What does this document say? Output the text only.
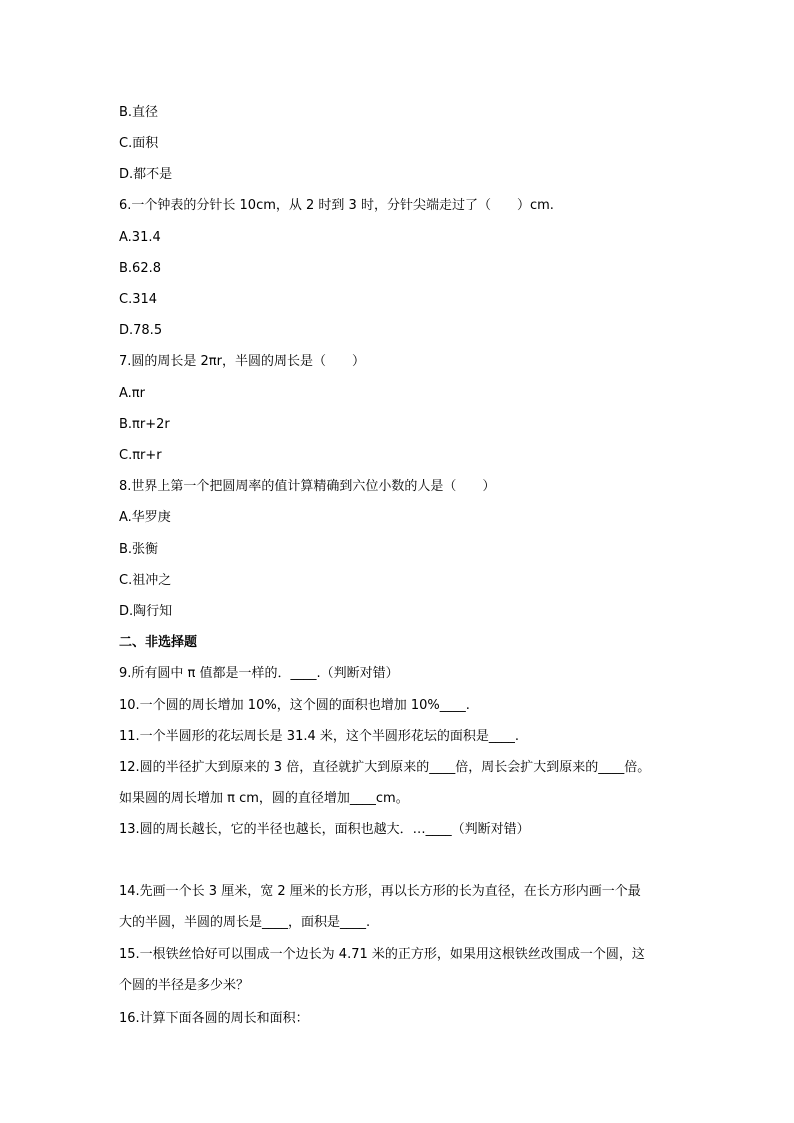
B.直径
C.面积
D.都不是
6.一个钟表的分针长 10cm，从 2 时到 3 时，分针尖端走过了（　　）cm.
A.31.4
B.62.8
C.314
D.78.5
7.圆的周长是 2πr，半圆的周长是（　　）
A.πr
B.πr+2r
C.πr+r
8.世界上第一个把圆周率的值计算精确到六位小数的人是（　　）
A.华罗庚
B.张衡
C.祖冲之
D.陶行知
二、非选择题
9.所有圆中 π 值都是一样的．____.（判断对错）
10.一个圆的周长增加 10%，这个圆的面积也增加 10%____.
11.一个半圆形的花坛周长是 31.4 米，这个半圆形花坛的面积是____.
12.圆的半径扩大到原来的 3 倍，直径就扩大到原来的____倍，周长会扩大到原来的____倍。
如果圆的周长增加 π cm，圆的直径增加____cm。
13.圆的周长越长，它的半径也越长，面积也越大．…____（判断对错）
14.先画一个长 3 厘米，宽 2 厘米的长方形，再以长方形的长为直径，在长方形内画一个最
大的半圆，半圆的周长是____，面积是____.
15.一根铁丝恰好可以围成一个边长为 4.71 米的正方形，如果用这根铁丝改围成一个圆，这
个圆的半径是多少米？
16.计算下面各圆的周长和面积：
